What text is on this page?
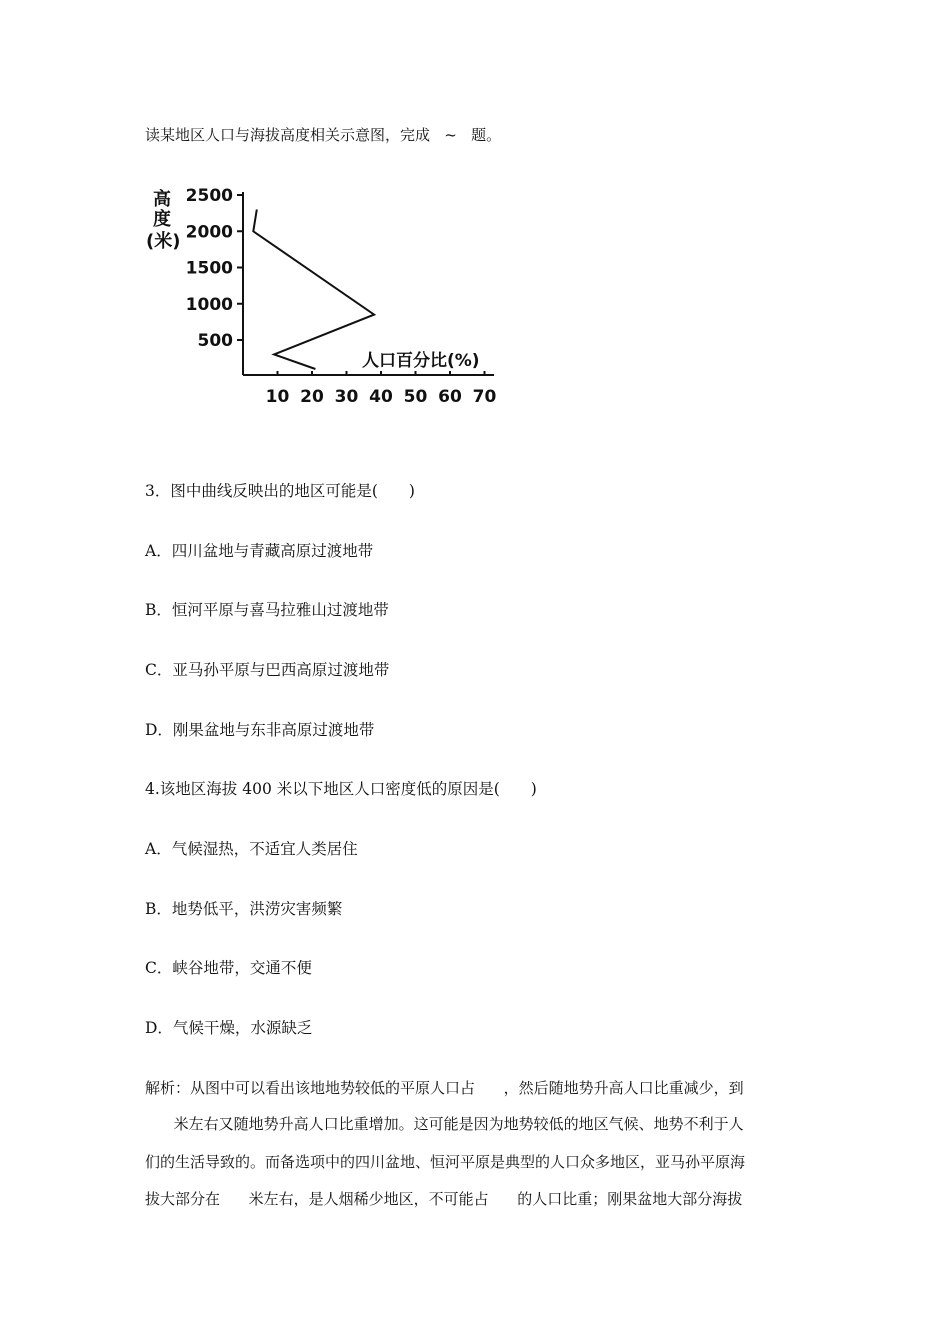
读某地区人口与海拔高度相关示意图，完成   ~   题。
高
度
(米)
2500
2000
1500
1000
500
10 20 30 40 50 60 70
人口百分比(%)
3．图中曲线反映出的地区可能是(　　)
A．四川盆地与青藏高原过渡地带
B．恒河平原与喜马拉雅山过渡地带
C．亚马孙平原与巴西高原过渡地带
D．刚果盆地与东非高原过渡地带
4.该地区海拔 400 米以下地区人口密度低的原因是(　　)
A．气候湿热，不适宜人类居住
B．地势低平，洪涝灾害频繁
C．峡谷地带，交通不便
D．气候干燥，水源缺乏
解析：从图中可以看出该地地势较低的平原人口占      ，然后随地势升高人口比重减少，到
米左右又随地势升高人口比重增加。这可能是因为地势较低的地区气候、地势不利于人
们的生活导致的。而备选项中的四川盆地、恒河平原是典型的人口众多地区，亚马孙平原海
拔大部分在      米左右，是人烟稀少地区，不可能占      的人口比重；刚果盆地大部分海拔
